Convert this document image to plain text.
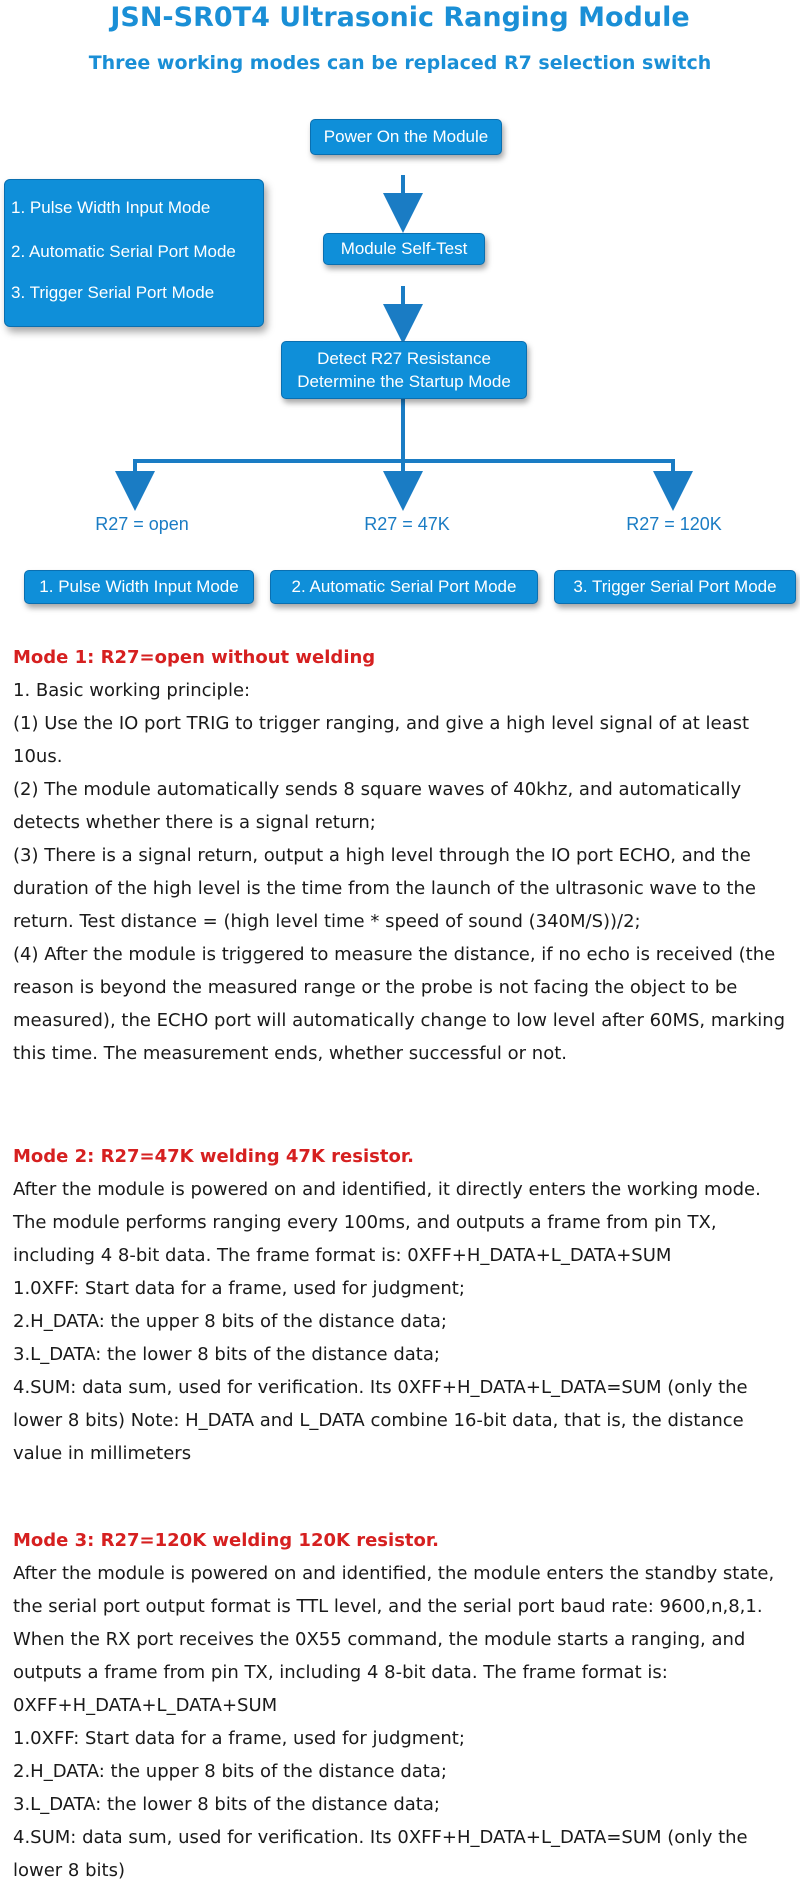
JSN-SR0T4 Ultrasonic Ranging Module
Three working modes can be replaced R7 selection switch
Power On the Module
1. Pulse Width Input Mode
2. Automatic Serial Port Mode
3. Trigger Serial Port Mode
Module Self-Test
Detect R27 Resistance
Determine the Startup Mode
R27 = open	R27 = 47K	R27 = 120K
1. Pulse Width Input Mode	2. Automatic Serial Port Mode	3. Trigger Serial Port Mode

Mode 1: R27=open without welding

1. Basic working principle:

(1) Use the IO port TRIG to trigger ranging, and give a high level signal of at least 10us.

(2) The module automatically sends 8 square waves of 40khz, and automatically detects whether there is a signal return;

(3) There is a signal return, output a high level through the IO port ECHO, and the duration of the high level is the time from the launch of the ultrasonic wave to the return. Test distance = (high level time * speed of sound (340M/S))/2;

(4) After the module is triggered to measure the distance, if no echo is received (the reason is beyond the measured range or the probe is not facing the object to be measured), the ECHO port will automatically change to low level after 60MS, marking this time. The measurement ends, whether successful or not.

Mode 2: R27=47K welding 47K resistor.

After the module is powered on and identified, it directly enters the working mode. The module performs ranging every 100ms, and outputs a frame from pin TX, including 4 8-bit data. The frame format is: 0XFF+H_DATA+L_DATA+SUM

1.0XFF: Start data for a frame, used for judgment;

2.H_DATA: the upper 8 bits of the distance data;

3.L_DATA: the lower 8 bits of the distance data;

4.SUM: data sum, used for verification. Its 0XFF+H_DATA+L_DATA=SUM (only the lower 8 bits) Note: H_DATA and L_DATA combine 16-bit data, that is, the distance value in millimeters

Mode 3: R27=120K welding 120K resistor.

After the module is powered on and identified, the module enters the standby state, the serial port output format is TTL level, and the serial port baud rate: 9600,n,8,1. When the RX port receives the 0X55 command, the module starts a ranging, and outputs a frame from pin TX, including 4 8-bit data. The frame format is: 0XFF+H_DATA+L_DATA+SUM

1.0XFF: Start data for a frame, used for judgment;

2.H_DATA: the upper 8 bits of the distance data;

3.L_DATA: the lower 8 bits of the distance data;

4.SUM: data sum, used for verification. Its 0XFF+H_DATA+L_DATA=SUM (only the lower 8 bits)
